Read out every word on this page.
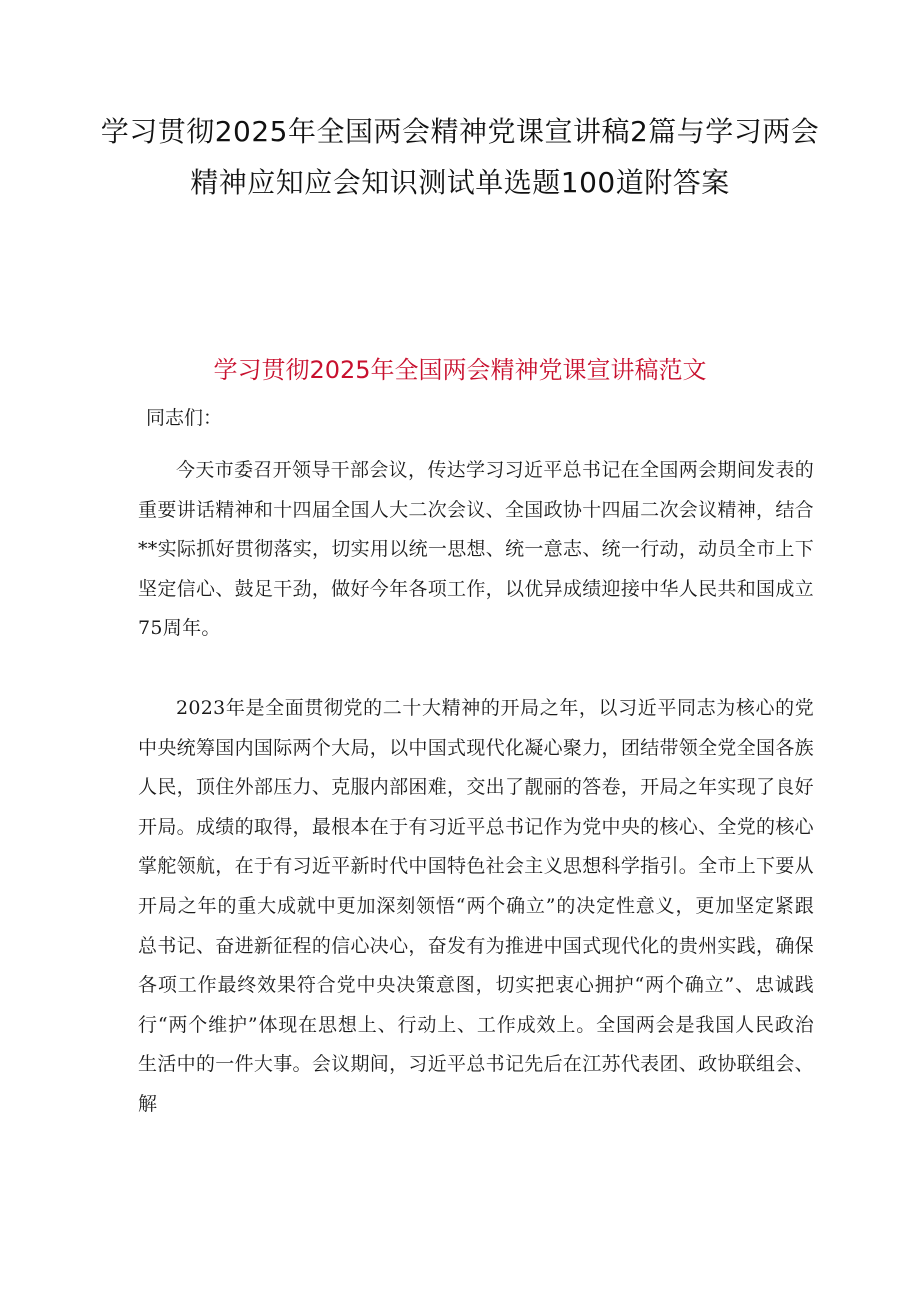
学习贯彻2025年全国两会精神党课宣讲稿2篇与学习两会精神应知应会知识测试单选题100道附答案
学习贯彻2025年全国两会精神党课宣讲稿范文

同志们：

今天市委召开领导干部会议，传达学习习近平总书记在全国两会期间发表的重要讲话精神和十四届全国人大二次会议、全国政协十四届二次会议精神，结合**实际抓好贯彻落实，切实用以统一思想、统一意志、统一行动，动员全市上下坚定信心、鼓足干劲，做好今年各项工作，以优异成绩迎接中华人民共和国成立75周年。

2023年是全面贯彻党的二十大精神的开局之年，以习近平同志为核心的党中央统筹国内国际两个大局，以中国式现代化凝心聚力，团结带领全党全国各族人民，顶住外部压力、克服内部困难，交出了靓丽的答卷，开局之年实现了良好开局。成绩的取得，最根本在于有习近平总书记作为党中央的核心、全党的核心掌舵领航，在于有习近平新时代中国特色社会主义思想科学指引。全市上下要从开局之年的重大成就中更加深刻领悟“两个确立”的决定性意义，更加坚定紧跟总书记、奋进新征程的信心决心，奋发有为推进中国式现代化的贵州实践，确保各项工作最终效果符合党中央决策意图，切实把衷心拥护“两个确立”、忠诚践行“两个维护”体现在思想上、行动上、工作成效上。全国两会是我国人民政治生活中的一件大事。会议期间，习近平总书记先后在江苏代表团、政协联组会、解
